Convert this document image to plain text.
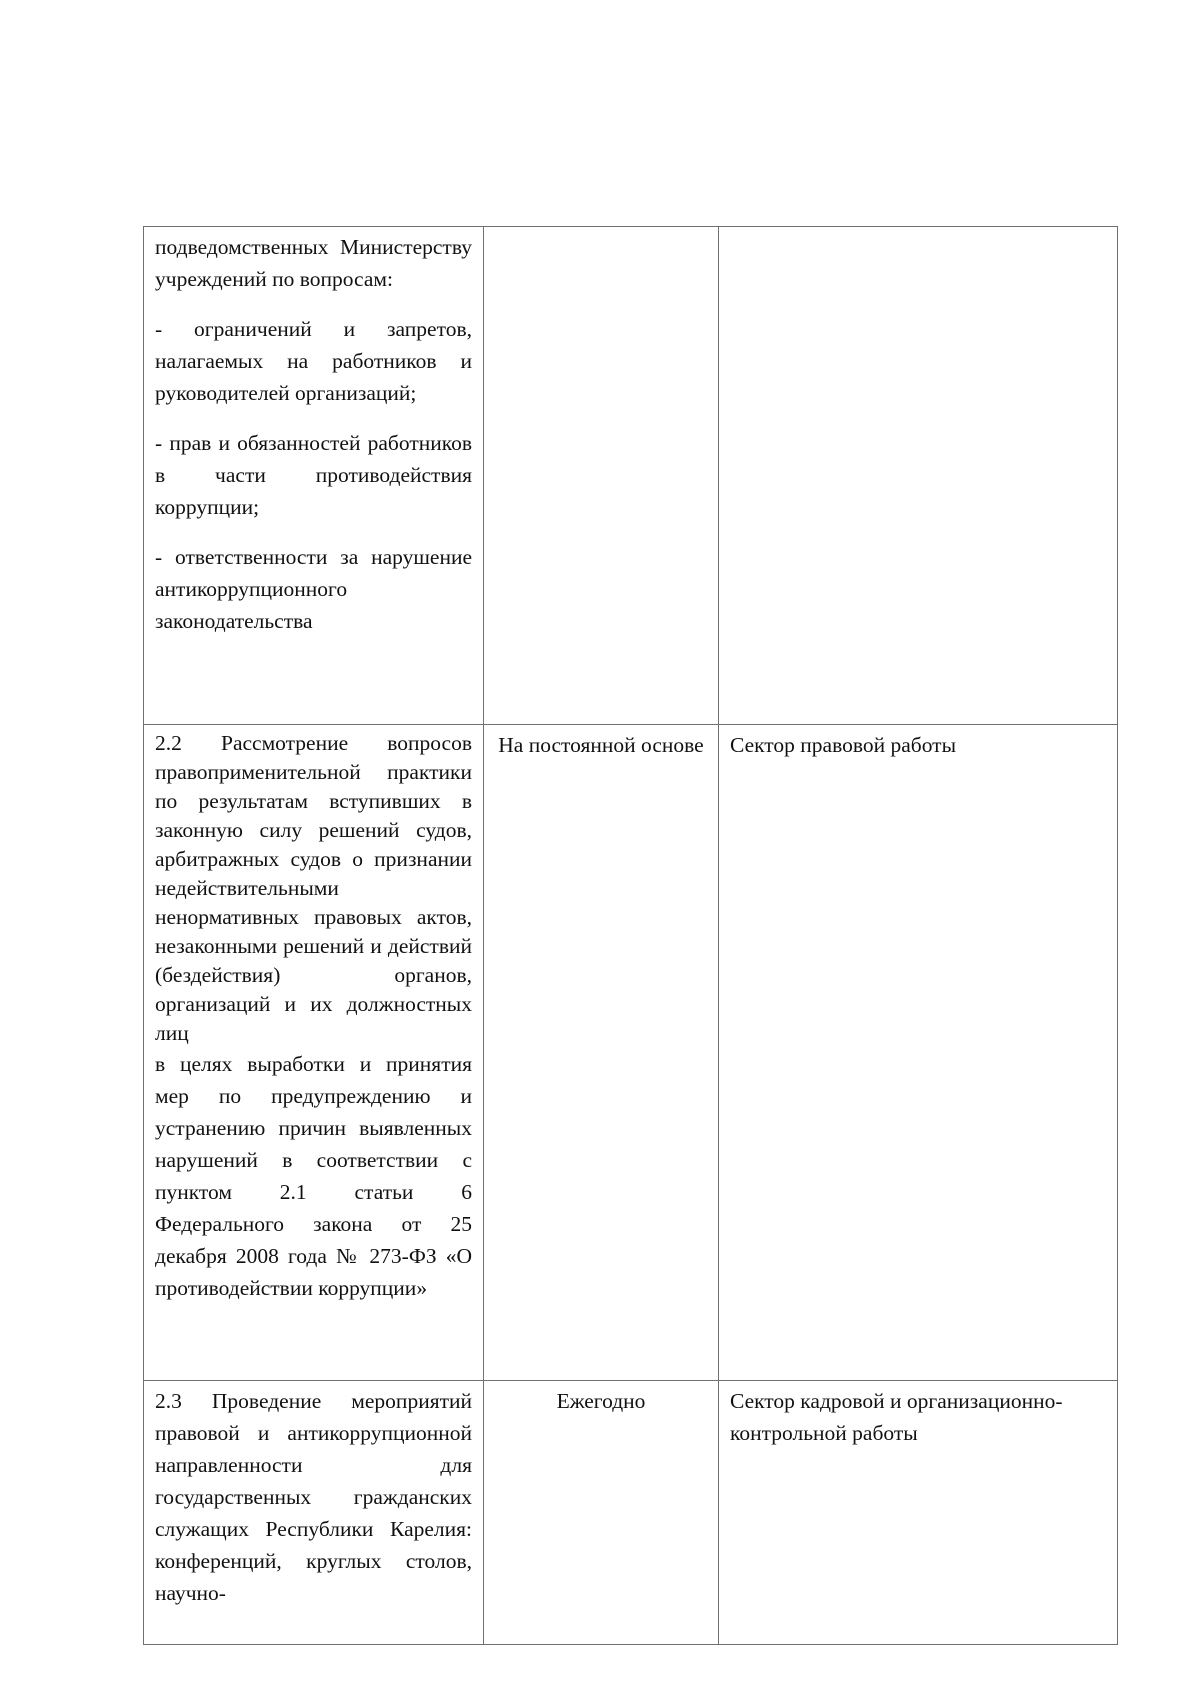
подведомственных Министерству учреждений по вопросам:

- ограничений и запретов, налагаемых на работников и руководителей организаций;

- прав и обязанностей работников в части противодействия коррупции;

- ответственности за нарушение антикоррупционного законодательства		

2.2 Рассмотрение вопросов правоприменительной практики по результатам вступивших в законную силу решений судов, арбитражных судов о признании недействительными ненормативных правовых актов, незаконными решений и действий (бездействия) органов, организаций и их должностных лиц

в целях выработки и принятия мер по предупреждению и устранению причин выявленных нарушений в соответствии с пунктом 2.1 статьи 6 Федерального закона от 25 декабря 2008 года № 273-ФЗ «О противодействии коррупции»	На постоянной основе	Сектор правовой работы

2.3 Проведение мероприятий правовой и антикоррупционной направленности для государственных гражданских служащих Республики Карелия: конференций, круглых столов, научно-	Ежегодно	Сектор кадровой и организационно-контрольной работы
